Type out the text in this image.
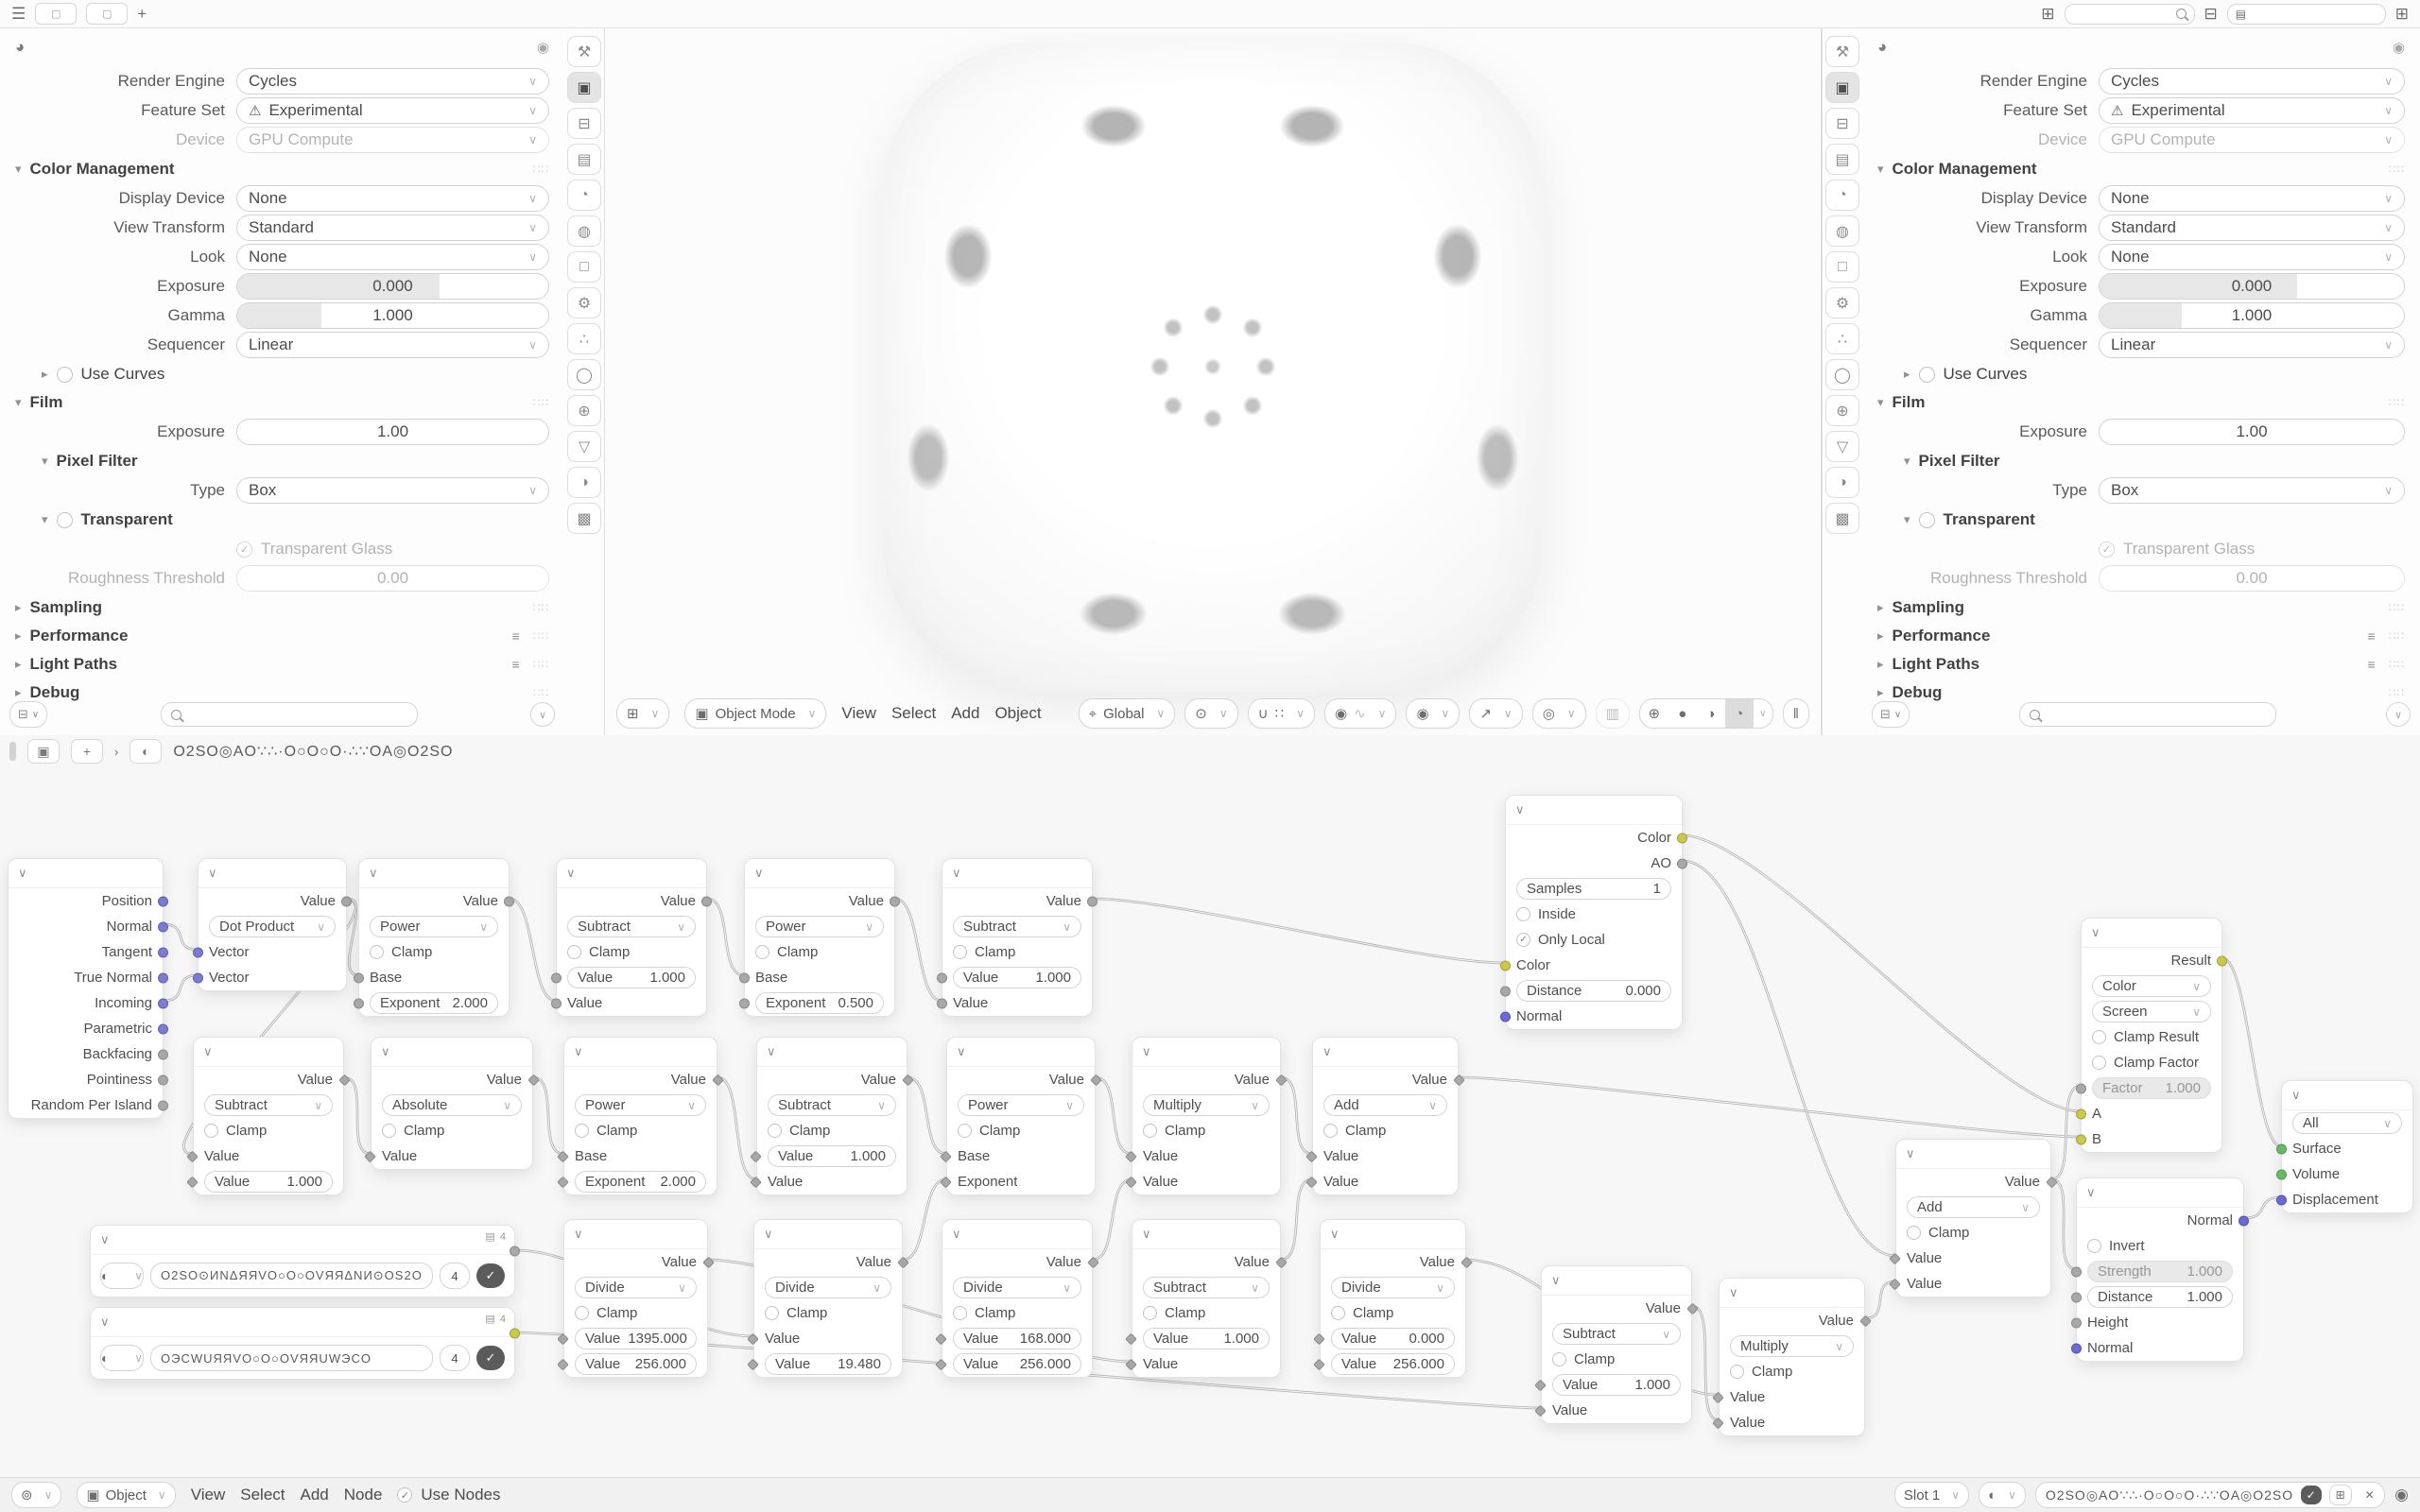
☰ ▢	▢ +	⊞	⊟ ▤	⊞
⚒
▣
⊟
▤
◔
◍
□
⚙
∴
◯
⊕
▽
◑
▩
◕	◉
Render Engine	Cycles	∨
Feature Set	⚠ Experimental	∨
Device	GPU Compute	∨
▾ Color Management	∷∷
Display Device	None	∨
View Transform	Standard	∨
Look	None	∨
Exposure	0.000
Gamma	1.000
Sequencer	Linear	∨
▸ Use Curves
▾ Film	∷∷
Exposure	1.00
▾ Pixel Filter
Type	Box	∨
▾ Transparent
✓
Transparent Glass
Roughness Threshold	0.00
▸ Sampling	∷∷
▸ Performance	≡ ∷∷
▸ Light Paths	≡ ∷∷
▸ Debug	∷∷
⊟ ∨	∨	⊞	∨	▣ Object Mode	∨ View Select Add Object	⌖ Global	∨ ⊙	∨ ∪ ∷	∨ ◉ ∿	∨ ◉	∨ ↗	∨ ◎	∨ ▥	⊕	●	◑	◔	∨	‖
⚒
▣
⊟
▤
◔
◍
□
⚙
∴
◯
⊕
▽
◑
▩
◕	◉
Render Engine	Cycles	∨
Feature Set	⚠ Experimental	∨
Device	GPU Compute	∨
▾ Color Management	∷∷
Display Device	None	∨
View Transform	Standard	∨
Look	None	∨
Exposure	0.000
Gamma	1.000
Sequencer	Linear	∨
▸ Use Curves
▾ Film	∷∷
Exposure	1.00
▾ Pixel Filter
Type	Box	∨
▾ Transparent
✓
Transparent Glass
Roughness Threshold	0.00
▸ Sampling	∷∷
▸ Performance	≡ ∷∷
▸ Light Paths	≡ ∷∷
▸ Debug	∷∷
⊟ ∨	∨
▣	+	›	◐	O2SO◎AO∵∴·O○O○O·∴∵OA◎O2SO
∨
Position
Normal
Tangent
True Normal
Incoming
Parametric
Backfacing
Pointiness
Random Per Island
∨
Value
Dot Product	∨
Vector
Vector
∨
Value
Power	∨
Clamp
Base
Exponent 2.000
∨
Value
Subtract	∨
Clamp
Value	1.000
Value
∨
Value
Power	∨
Clamp
Base
Exponent 0.500
∨
Value
Subtract	∨
Clamp
Value	1.000
Value
∨
Color
AO
Samples	1
Inside
✓
Only Local
Color
Distance	0.000
Normal
∨
Value
Subtract	∨
Clamp
Value
Value	1.000
∨
Value
Absolute	∨
Clamp
Value
∨
Value
Power	∨
Clamp
Base
Exponent	2.000
∨
Value
Subtract	∨
Clamp
Value	1.000
Value
∨
Value
Power	∨
Clamp
Base
Exponent
∨
Value
Multiply	∨
Clamp
Value
Value
∨
Value
Add	∨
Clamp
Value
Value
∨
Result
Color	∨
Screen	∨
Clamp Result
Clamp Factor
Factor	1.000
A
B
∨
All	∨
Surface
Volume
Displacement
∨
Value
Add	∨
Clamp
Value
Value
∨
Normal
Invert
Strength	1.000
Distance	1.000
Height
Normal
∨	▤ 4
◐	∨	O2SO⊙ИNΔЯЯVO○O○OVЯЯΔNИ⊙OS2O	4	✓
∨	▤ 4
◐	∨	OЭCWUЯЯVO○O○OVЯЯUWЭCO	4	✓
∨
Value
Divide	∨
Clamp
Value 1395.000
Value	256.000
∨
Value
Divide	∨
Clamp
Value
Value	19.480
∨
Value
Divide	∨
Clamp
Value	168.000
Value	256.000
∨
Value
Subtract	∨
Clamp
Value	1.000
Value
∨
Value
Divide	∨
Clamp
Value	0.000
Value	256.000
∨
Value
Subtract	∨
Clamp
Value	1.000
Value
∨
Value
Multiply	∨
Clamp
Value
Value
⊚	∨ ▣ Object	∨ View Select Add Node ✓ Use Nodes	Slot 1	∨ ◐	∨ O2SO◎AO∵∴·O○O○O·∴∵OA◎O2SO	✓	⊞	✕	◉
